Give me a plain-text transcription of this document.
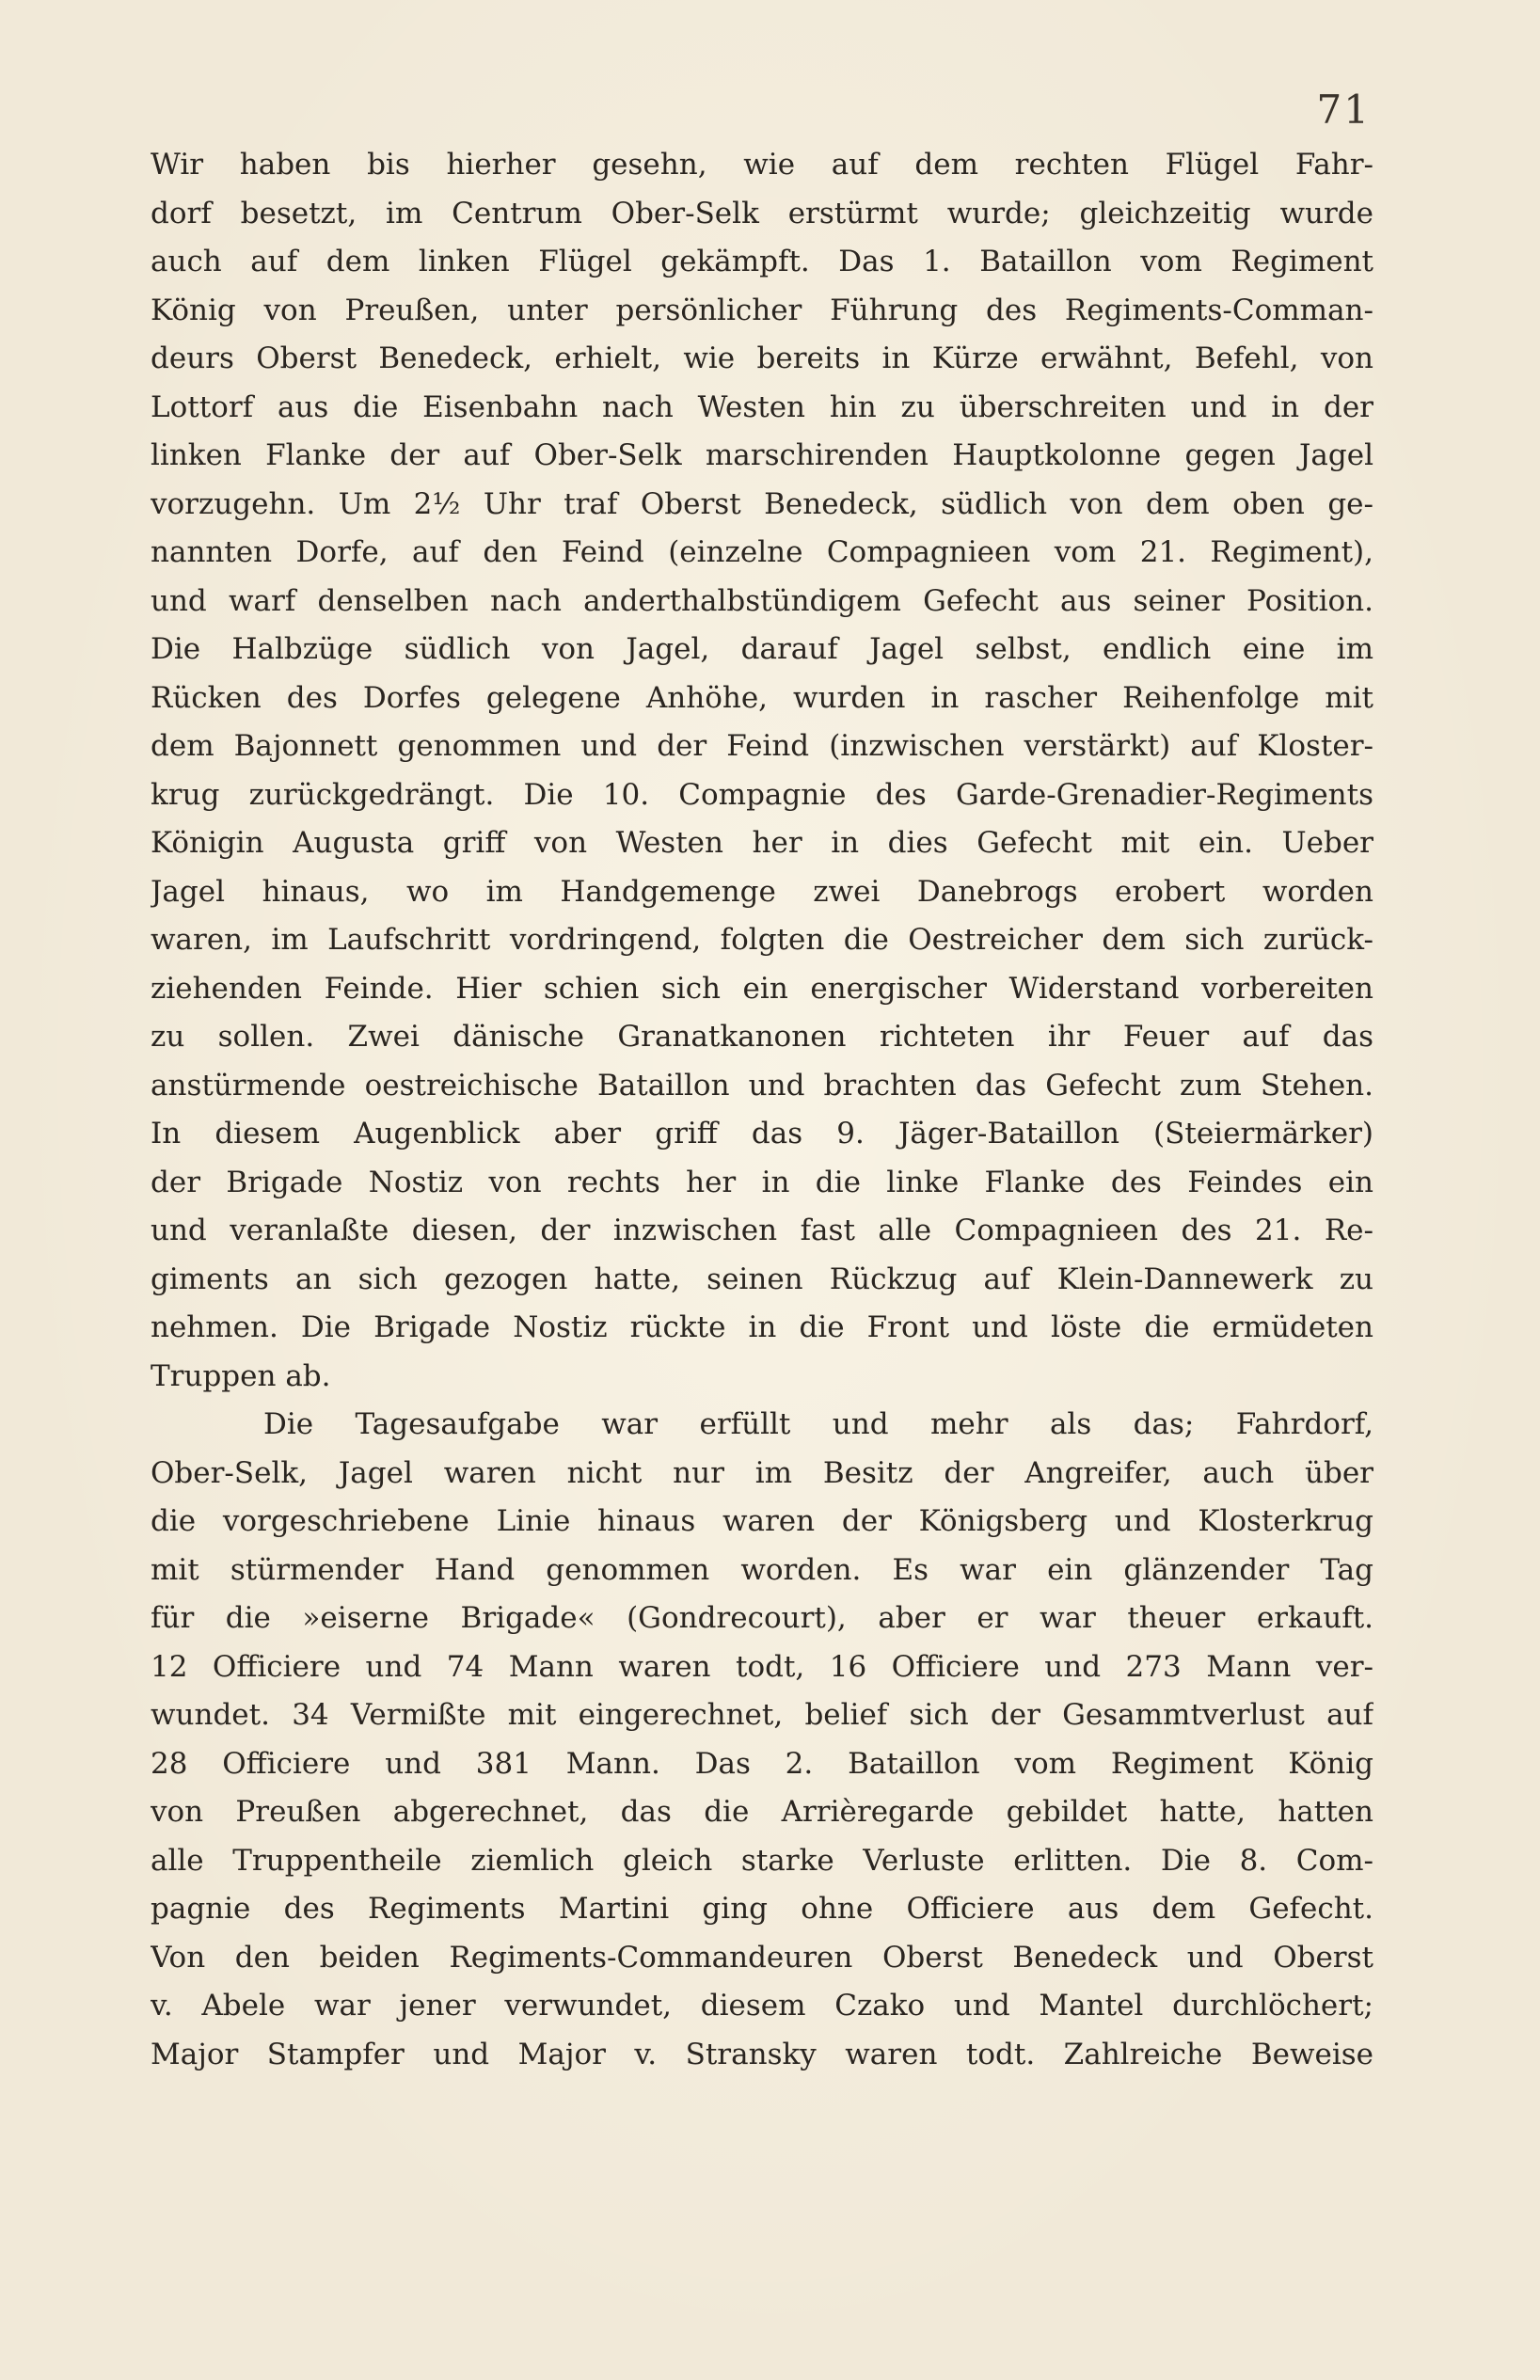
71
Wir haben bis hierher gesehn, wie auf dem rechten Flügel Fahr-
dorf besetzt, im Centrum Ober-Selk erstürmt wurde; gleichzeitig wurde
auch auf dem linken Flügel gekämpft. Das 1. Bataillon vom Regiment
König von Preußen, unter persönlicher Führung des Regiments-Comman-
deurs Oberst Benedeck, erhielt, wie bereits in Kürze erwähnt, Befehl, von
Lottorf aus die Eisenbahn nach Westen hin zu überschreiten und in der
linken Flanke der auf Ober-Selk marschirenden Hauptkolonne gegen Jagel
vorzugehn. Um 2½ Uhr traf Oberst Benedeck, südlich von dem oben ge-
nannten Dorfe, auf den Feind (einzelne Compagnieen vom 21. Regiment),
und warf denselben nach anderthalbstündigem Gefecht aus seiner Position.
Die Halbzüge südlich von Jagel, darauf Jagel selbst, endlich eine im
Rücken des Dorfes gelegene Anhöhe, wurden in rascher Reihenfolge mit
dem Bajonnett genommen und der Feind (inzwischen verstärkt) auf Kloster-
krug zurückgedrängt. Die 10. Compagnie des Garde-Grenadier-Regiments
Königin Augusta griff von Westen her in dies Gefecht mit ein. Ueber
Jagel hinaus, wo im Handgemenge zwei Danebrogs erobert worden
waren, im Laufschritt vordringend, folgten die Oestreicher dem sich zurück-
ziehenden Feinde. Hier schien sich ein energischer Widerstand vorbereiten
zu sollen. Zwei dänische Granatkanonen richteten ihr Feuer auf das
anstürmende oestreichische Bataillon und brachten das Gefecht zum Stehen.
In diesem Augenblick aber griff das 9. Jäger-Bataillon (Steiermärker)
der Brigade Nostiz von rechts her in die linke Flanke des Feindes ein
und veranlaßte diesen, der inzwischen fast alle Compagnieen des 21. Re-
giments an sich gezogen hatte, seinen Rückzug auf Klein-Dannewerk zu
nehmen. Die Brigade Nostiz rückte in die Front und löste die ermüdeten
Truppen ab.
Die Tagesaufgabe war erfüllt und mehr als das; Fahrdorf,
Ober-Selk, Jagel waren nicht nur im Besitz der Angreifer, auch über
die vorgeschriebene Linie hinaus waren der Königsberg und Klosterkrug
mit stürmender Hand genommen worden. Es war ein glänzender Tag
für die »eiserne Brigade« (Gondrecourt), aber er war theuer erkauft.
12 Officiere und 74 Mann waren todt, 16 Officiere und 273 Mann ver-
wundet. 34 Vermißte mit eingerechnet, belief sich der Gesammtverlust auf
28 Officiere und 381 Mann. Das 2. Bataillon vom Regiment König
von Preußen abgerechnet, das die Arrièregarde gebildet hatte, hatten
alle Truppentheile ziemlich gleich starke Verluste erlitten. Die 8. Com-
pagnie des Regiments Martini ging ohne Officiere aus dem Gefecht.
Von den beiden Regiments-Commandeuren Oberst Benedeck und Oberst
v. Abele war jener verwundet, diesem Czako und Mantel durchlöchert;
Major Stampfer und Major v. Stransky waren todt. Zahlreiche Beweise
